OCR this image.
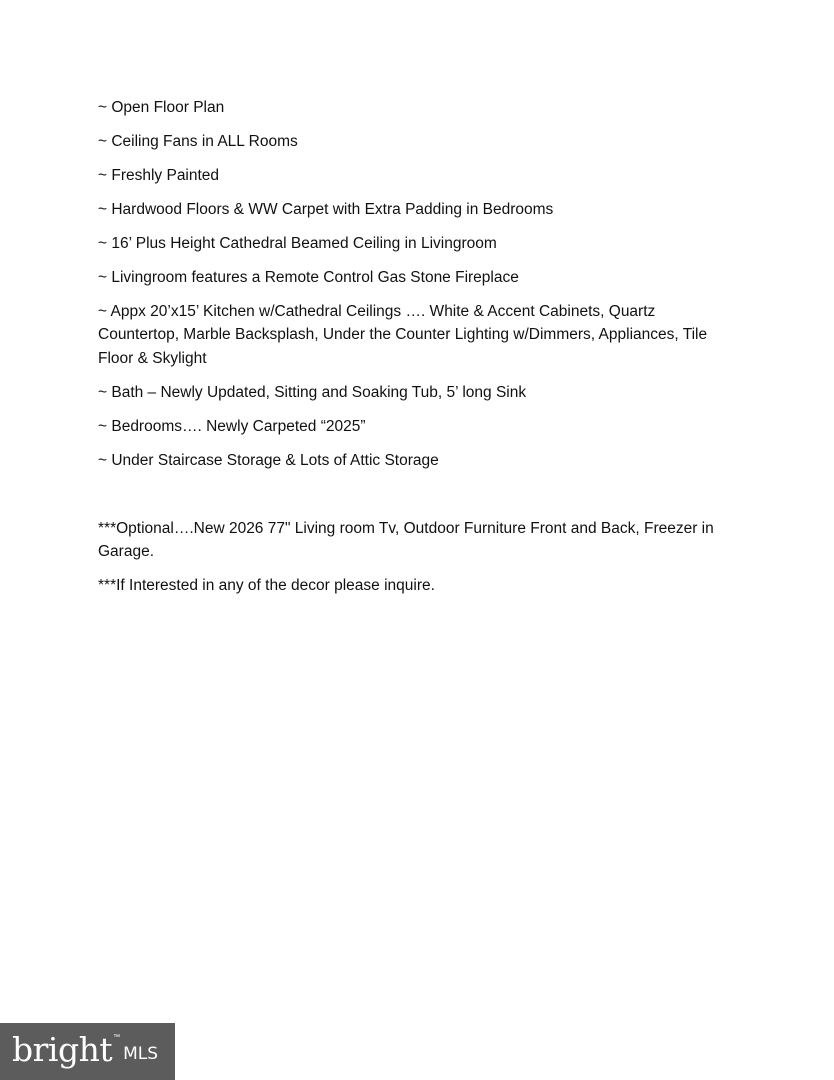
~ Open Floor Plan

~ Ceiling Fans in ALL Rooms

~ Freshly Painted

~ Hardwood Floors & WW Carpet with Extra Padding in Bedrooms

~ 16’ Plus Height Cathedral Beamed Ceiling in Livingroom

~ Livingroom features a Remote Control Gas Stone Fireplace

~ Appx 20’x15’ Kitchen w/Cathedral Ceilings …. White & Accent Cabinets, Quartz Countertop, Marble Backsplash, Under the Counter Lighting w/Dimmers, Appliances, Tile Floor & Skylight

~ Bath – Newly Updated, Sitting and Soaking Tub, 5’ long Sink

~ Bedrooms…. Newly Carpeted “2025”

~ Under Staircase Storage & Lots of Attic Storage

***Optional….New 2026 77" Living room Tv, Outdoor Furniture Front and Back, Freezer in Garage.

***If Interested in any of the decor please inquire.

bright ™
MLS
